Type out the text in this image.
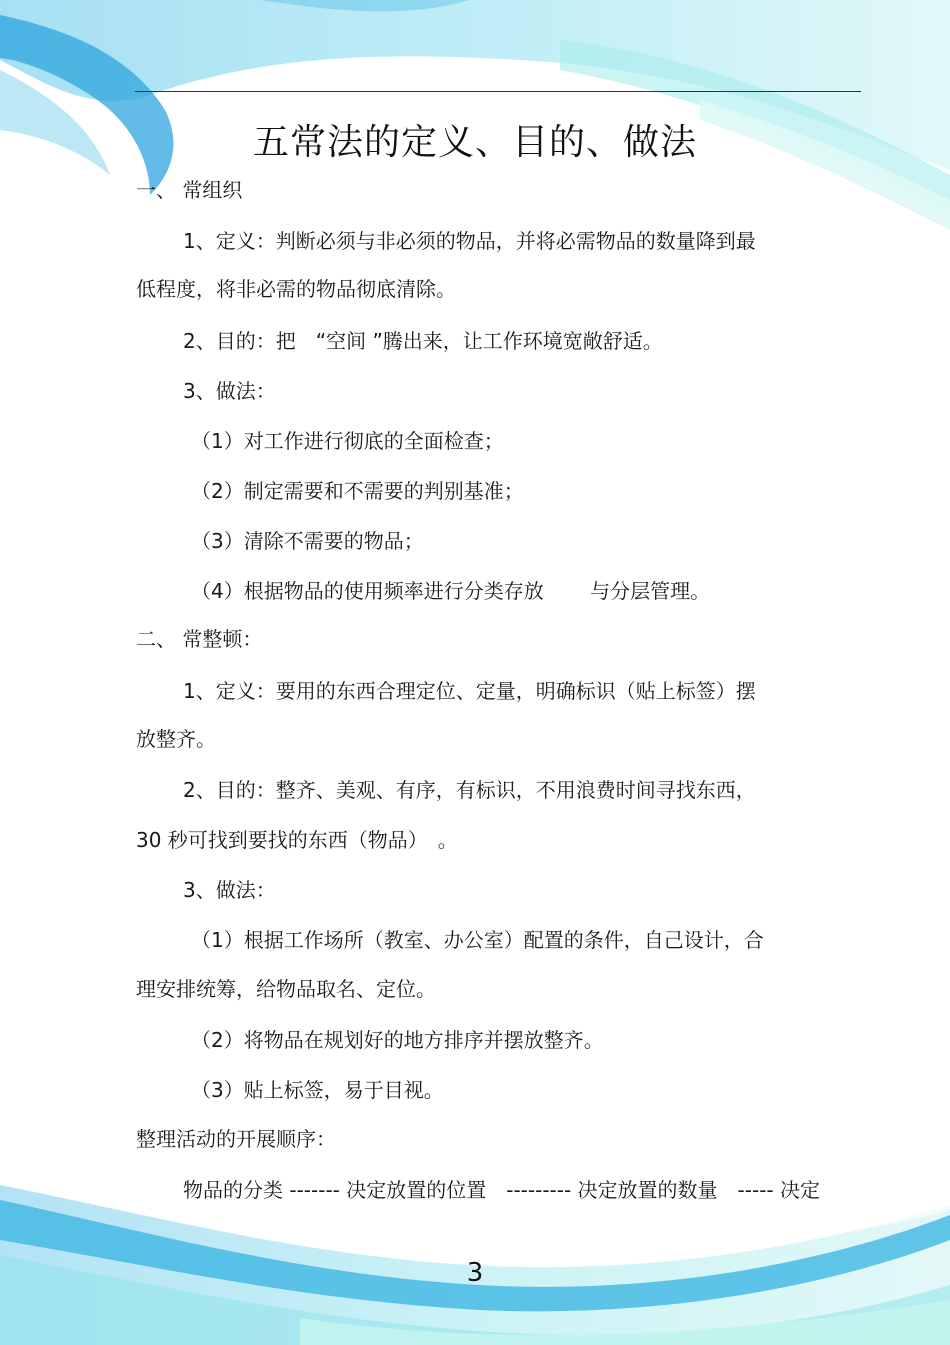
五常法的定义、目的、做法
一、 常组织
1、定义：判断必须与非必须的物品，并将必需物品的数量降到最
低程度，将非必需的物品彻底清除。
2、目的：把　“空间 ”腾出来，让工作环境宽敞舒适。
3、做法：
（1）对工作进行彻底的全面检查；
（2）制定需要和不需要的判别基准；
（3）清除不需要的物品；
（4）根据物品的使用频率进行分类存放　　 与分层管理。
二、 常整顿：
1、定义：要用的东西合理定位、定量，明确标识（贴上标签）摆
放整齐。
2、目的：整齐、美观、有序，有标识，不用浪费时间寻找东西，
30 秒可找到要找的东西（物品）　。
3、做法：
（1）根据工作场所（教室、办公室）配置的条件，自己设计，合
理安排统筹，给物品取名、定位。
（2）将物品在规划好的地方排序并摆放整齐。
（3）贴上标签，易于目视。
整理活动的开展顺序：
物品的分类 ------- 决定放置的位置　--------- 决定放置的数量　----- 决定
3
